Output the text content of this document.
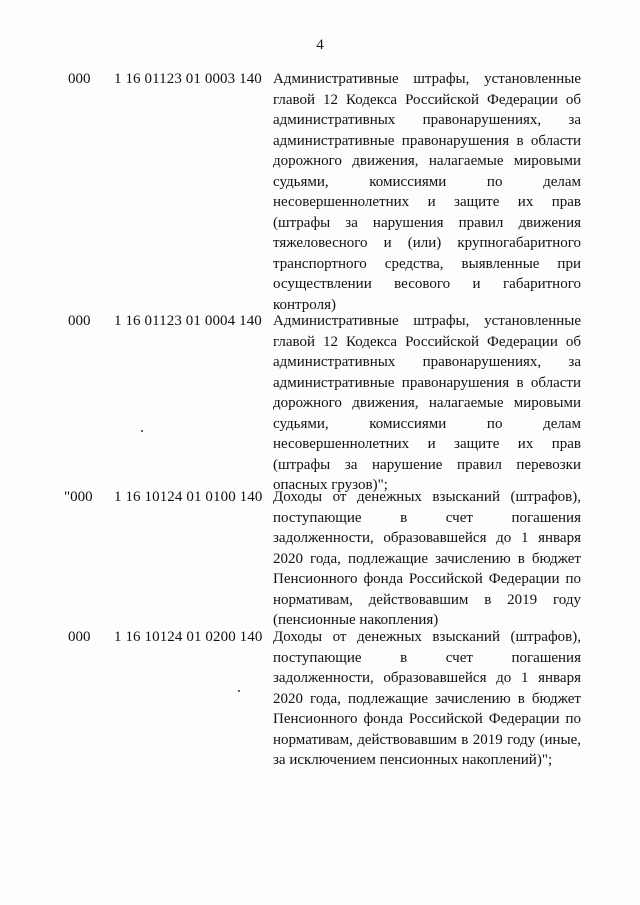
4
000 1 16 01123 01 0003 140 Административные штрафы, установленные
главой 12 Кодекса Российской Федерации об
административных правонарушениях, за
административные правонарушения в области
дорожного движения, налагаемые мировыми
судьями, комиссиями по делам
несовершеннолетних и защите их прав
(штрафы за нарушения правил движения
тяжеловесного и (или) крупногабаритного
транспортного средства, выявленные при
осуществлении весового и габаритного
контроля)
000 1 16 01123 01 0004 140 Административные штрафы, установленные
главой 12 Кодекса Российской Федерации об
административных правонарушениях, за
административные правонарушения в области
дорожного движения, налагаемые мировыми
судьями, комиссиями по делам
несовершеннолетних и защите их прав
(штрафы за нарушение правил перевозки
опасных грузов)";
"000 1 16 10124 01 0100 140 Доходы от денежных взысканий (штрафов),
поступающие в счет погашения
задолженности, образовавшейся до 1 января
2020 года, подлежащие зачислению в бюджет
Пенсионного фонда Российской Федерации по
нормативам, действовавшим в 2019 году
(пенсионные накопления)
000 1 16 10124 01 0200 140 Доходы от денежных взысканий (штрафов),
поступающие в счет погашения
задолженности, образовавшейся до 1 января
2020 года, подлежащие зачислению в бюджет
Пенсионного фонда Российской Федерации по
нормативам, действовавшим в 2019 году (иные,
за исключением пенсионных накоплений)";
